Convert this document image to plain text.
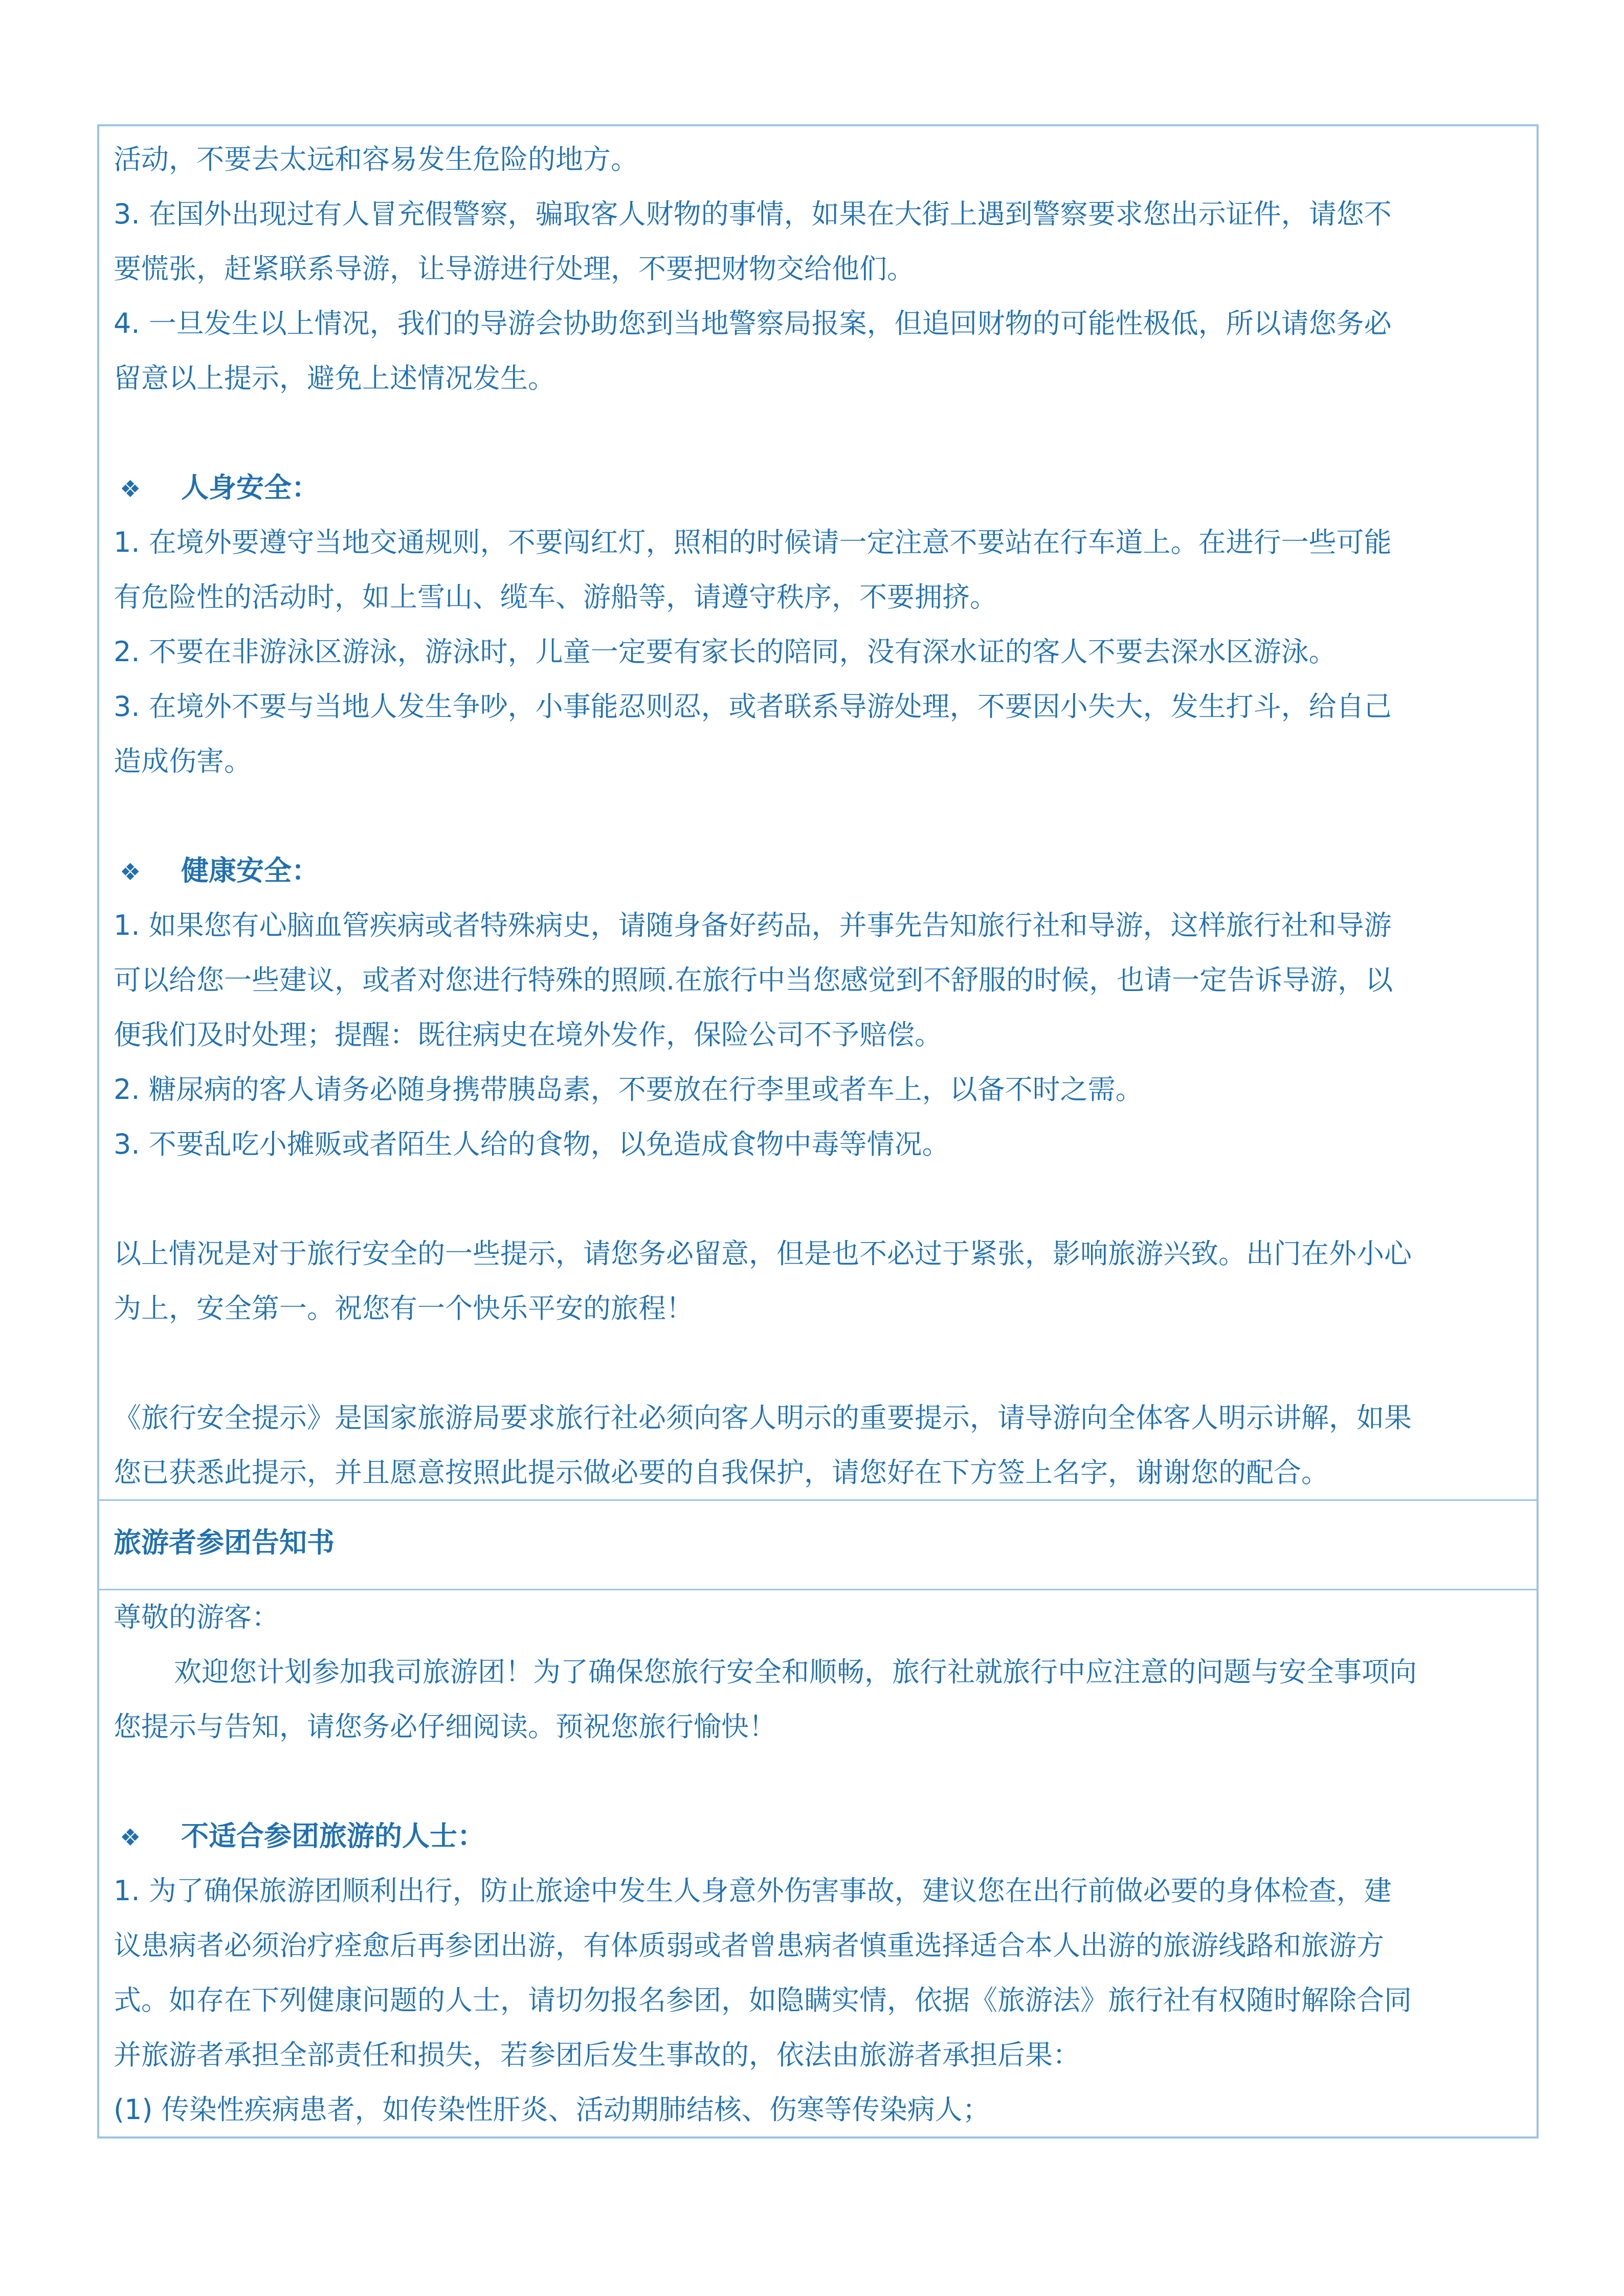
活动，不要去太远和容易发生危险的地方。
3. 在国外出现过有人冒充假警察，骗取客人财物的事情，如果在大街上遇到警察要求您出示证件，请您不
要慌张，赶紧联系导游，让导游进行处理，不要把财物交给他们。
4. 一旦发生以上情况，我们的导游会协助您到当地警察局报案，但追回财物的可能性极低，所以请您务必
留意以上提示，避免上述情况发生。
❖ 人身安全：
1. 在境外要遵守当地交通规则，不要闯红灯，照相的时候请一定注意不要站在行车道上。在进行一些可能
有危险性的活动时，如上雪山、缆车、游船等，请遵守秩序，不要拥挤。
2. 不要在非游泳区游泳，游泳时，儿童一定要有家长的陪同，没有深水证的客人不要去深水区游泳。
3. 在境外不要与当地人发生争吵，小事能忍则忍，或者联系导游处理，不要因小失大，发生打斗，给自己
造成伤害。
❖ 健康安全：
1. 如果您有心脑血管疾病或者特殊病史，请随身备好药品，并事先告知旅行社和导游，这样旅行社和导游
可以给您一些建议，或者对您进行特殊的照顾.在旅行中当您感觉到不舒服的时候，也请一定告诉导游，以
便我们及时处理；提醒：既往病史在境外发作，保险公司不予赔偿。
2. 糖尿病的客人请务必随身携带胰岛素，不要放在行李里或者车上，以备不时之需。
3. 不要乱吃小摊贩或者陌生人给的食物，以免造成食物中毒等情况。
以上情况是对于旅行安全的一些提示，请您务必留意，但是也不必过于紧张，影响旅游兴致。出门在外小心
为上，安全第一。祝您有一个快乐平安的旅程！
《旅行安全提示》是国家旅游局要求旅行社必须向客人明示的重要提示，请导游向全体客人明示讲解，如果
您已获悉此提示，并且愿意按照此提示做必要的自我保护，请您好在下方签上名字，谢谢您的配合。
旅游者参团告知书
尊敬的游客：
欢迎您计划参加我司旅游团！为了确保您旅行安全和顺畅，旅行社就旅行中应注意的问题与安全事项向
您提示与告知，请您务必仔细阅读。预祝您旅行愉快！
❖ 不适合参团旅游的人士：
1. 为了确保旅游团顺利出行，防止旅途中发生人身意外伤害事故，建议您在出行前做必要的身体检查，建
议患病者必须治疗痊愈后再参团出游，有体质弱或者曾患病者慎重选择适合本人出游的旅游线路和旅游方
式。如存在下列健康问题的人士，请切勿报名参团，如隐瞒实情，依据《旅游法》旅行社有权随时解除合同
并旅游者承担全部责任和损失，若参团后发生事故的，依法由旅游者承担后果：
(1) 传染性疾病患者，如传染性肝炎、活动期肺结核、伤寒等传染病人；
